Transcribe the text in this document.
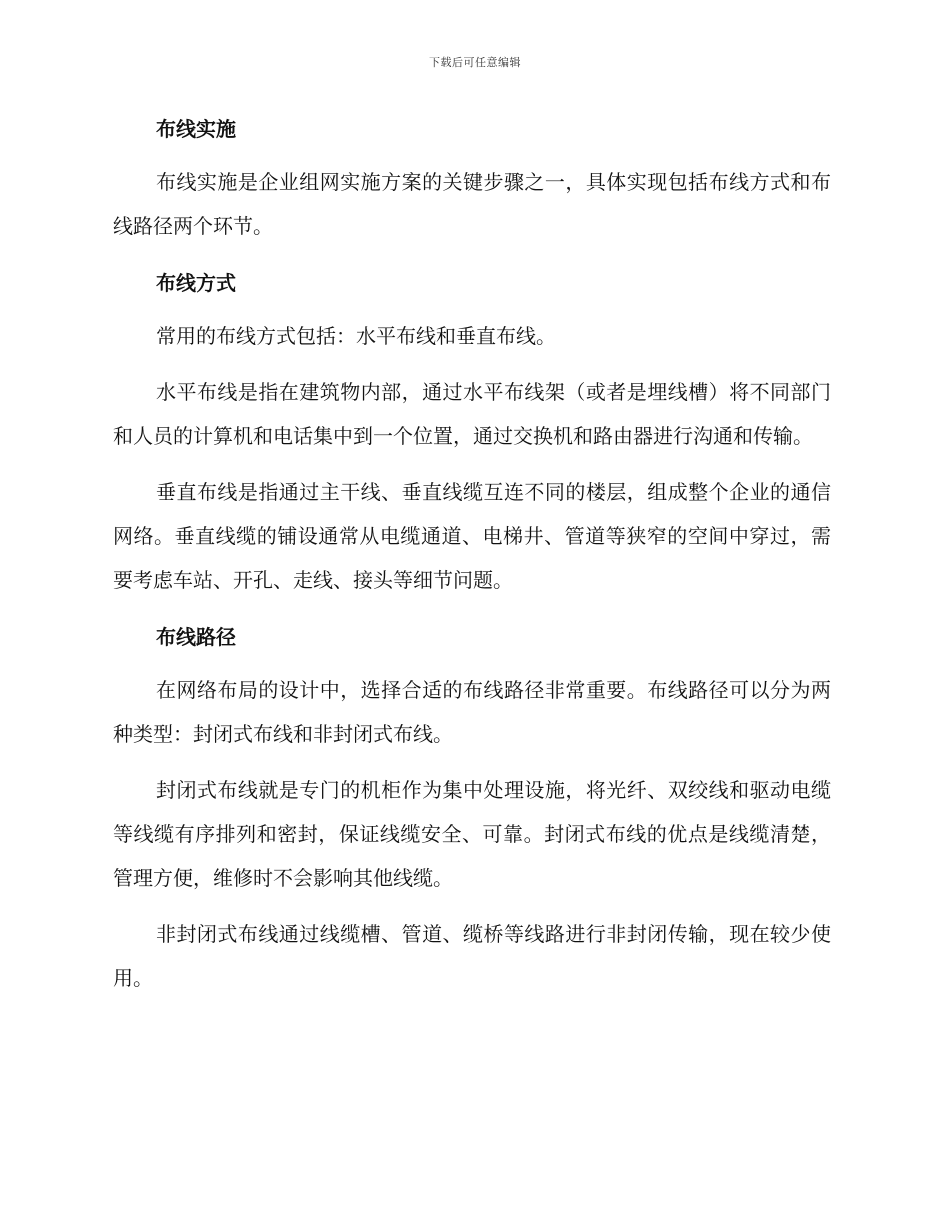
下载后可任意编辑
布线实施

布线实施是企业组网实施方案的关键步骤之一，具体实现包括布线方式和布线路径两个环节。

布线方式

常用的布线方式包括：水平布线和垂直布线。

水平布线是指在建筑物内部，通过水平布线架（或者是埋线槽）将不同部门和人员的计算机和电话集中到一个位置，通过交换机和路由器进行沟通和传输。

垂直布线是指通过主干线、垂直线缆互连不同的楼层，组成整个企业的通信网络。垂直线缆的铺设通常从电缆通道、电梯井、管道等狭窄的空间中穿过，需要考虑车站、开孔、走线、接头等细节问题。

布线路径

在网络布局的设计中，选择合适的布线路径非常重要。布线路径可以分为两种类型：封闭式布线和非封闭式布线。

封闭式布线就是专门的机柜作为集中处理设施，将光纤、双绞线和驱动电缆等线缆有序排列和密封，保证线缆安全、可靠。封闭式布线的优点是线缆清楚，管理方便，维修时不会影响其他线缆。

非封闭式布线通过线缆槽、管道、缆桥等线路进行非封闭传输，现在较少使用。
